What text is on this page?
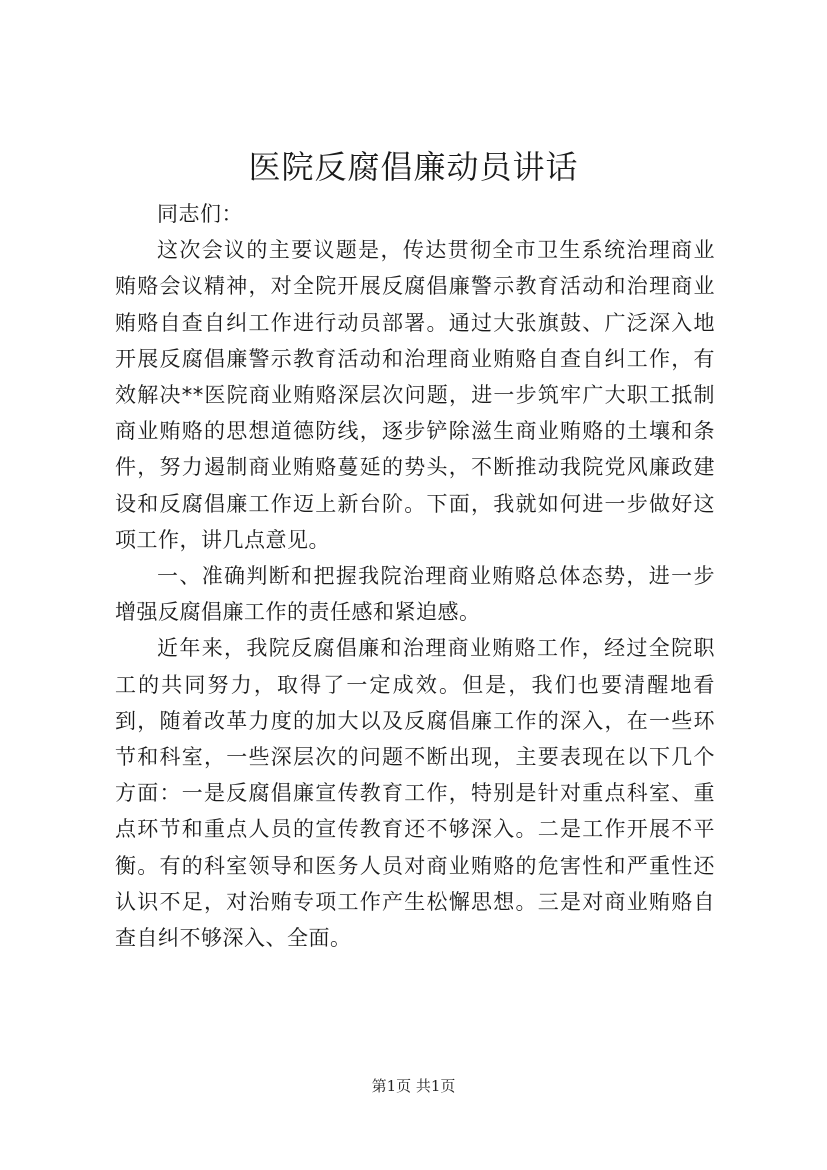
医院反腐倡廉动员讲话

同志们：

这次会议的主要议题是，传达贯彻全市卫生系统治理商业贿赂会议精神，对全院开展反腐倡廉警示教育活动和治理商业贿赂自查自纠工作进行动员部署。通过大张旗鼓、广泛深入地开展反腐倡廉警示教育活动和治理商业贿赂自查自纠工作，有效解决**医院商业贿赂深层次问题，进一步筑牢广大职工抵制商业贿赂的思想道德防线，逐步铲除滋生商业贿赂的土壤和条件，努力遏制商业贿赂蔓延的势头，不断推动我院党风廉政建设和反腐倡廉工作迈上新台阶。下面，我就如何进一步做好这项工作，讲几点意见。

一、准确判断和把握我院治理商业贿赂总体态势，进一步增强反腐倡廉工作的责任感和紧迫感。

近年来，我院反腐倡廉和治理商业贿赂工作，经过全院职工的共同努力，取得了一定成效。但是，我们也要清醒地看到，随着改革力度的加大以及反腐倡廉工作的深入，在一些环节和科室，一些深层次的问题不断出现，主要表现在以下几个方面：一是反腐倡廉宣传教育工作，特别是针对重点科室、重点环节和重点人员的宣传教育还不够深入。二是工作开展不平衡。有的科室领导和医务人员对商业贿赂的危害性和严重性还认识不足，对治贿专项工作产生松懈思想。三是对商业贿赂自查自纠不够深入、全面。

第1页 共1页
